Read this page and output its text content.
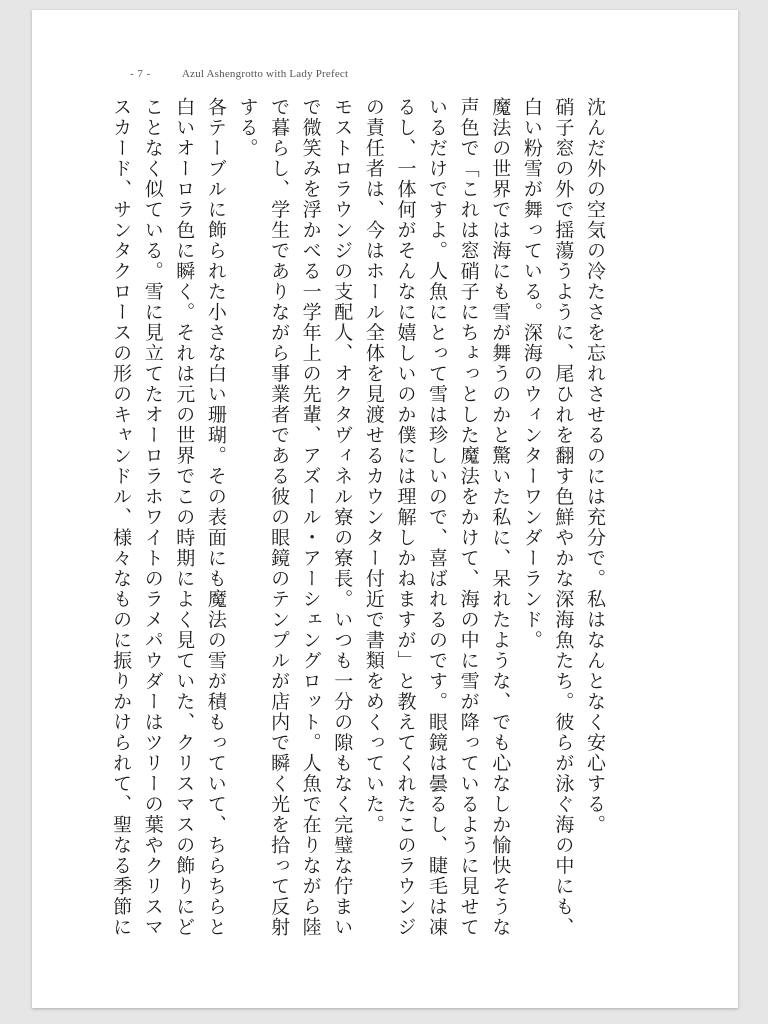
- 7 -	Azul Ashengrotto with Lady Prefect

沈んだ外の空気の冷たさを忘れさせるのには充分で。私はなんとなく安心する。

硝子窓の外で揺蕩うように、尾ひれを翻す色鮮やかな深海魚たち。彼らが泳ぐ海の中にも、白い粉雪が舞っている。深海のウィンターワンダーランド。

魔法の世界では海にも雪が舞うのかと驚いた私に、呆れたような、でも心なしか愉快そうな声色で「これは窓硝子にちょっとした魔法をかけて、海の中に雪が降っているように見せているだけですよ。人魚にとって雪は珍しいので、喜ばれるのです。眼鏡は曇るし、睫毛は凍るし、一体何がそんなに嬉しいのか僕には理解しかねますが」と教えてくれたこのラウンジの責任者は、今はホール全体を見渡せるカウンター付近で書類をめくっていた。

モストロラウンジの支配人、オクタヴィネル寮の寮長。いつも一分の隙もなく完璧な佇まいで微笑みを浮かべる一学年上の先輩、アズール・アーシェングロット。人魚で在りながら陸で暮らし、学生でありながら事業者である彼の眼鏡のテンプルが店内で瞬く光を拾って反射する。

各テーブルに飾られた小さな白い珊瑚。その表面にも魔法の雪が積もっていて、ちらちらと白いオーロラ色に瞬く。それは元の世界でこの時期によく見ていた、クリスマスの飾りにどことなく似ている。雪に見立てたオーロラホワイトのラメパウダーはツリーの葉やクリスマスカード、サンタクロースの形のキャンドル、様々なものに振りかけられて、聖なる季節に
